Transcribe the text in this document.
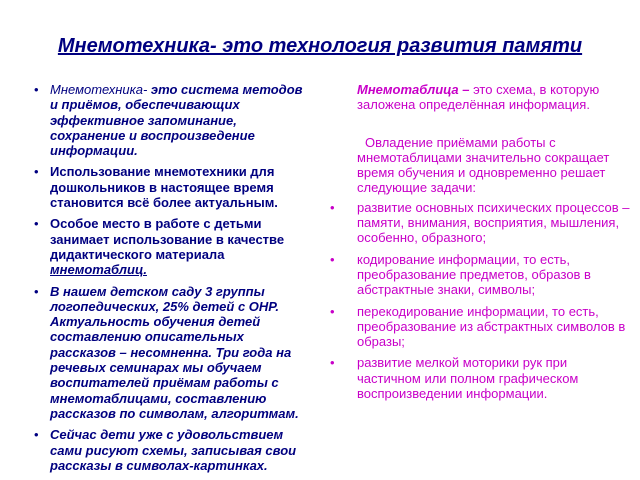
Мнемотехника- это технология развития памяти
• Мнемотехника- это система методов и приёмов, обеспечивающих эффективное запоминание, сохранение и воспроизведение информации.
• Использование мнемотехники для дошкольников в настоящее время становится всё более актуальным.
• Особое место в работе с детьми занимает использование в качестве дидактического материала мнемотаблиц.
• В нашем детском саду 3 группы логопедических, 25% детей с ОНР. Актуальность обучения детей составлению описательных рассказов – несомненна. Три года на речевых семинарах мы обучаем воспитателей приёмам работы с мнемотаблицами, составлению рассказов по символам, алгоритмам.
• Сейчас дети уже с удовольствием сами рисуют схемы, записывая свои рассказы в символах-картинках.

Мнемотаблица – это схема, в которую заложена определённая информация.

Овладение приёмами работы с мнемотаблицами значительно сокращает время обучения и одновременно решает следующие задачи:

• развитие основных психических процессов – памяти, внимания, восприятия, мышления, особенно, образного;
• кодирование информации, то есть, преобразование предметов, образов в абстрактные знаки, символы;
• перекодирование информации, то есть, преобразование из абстрактных символов в образы;
• развитие мелкой моторики рук при частичном или полном графическом воспроизведении информации.
